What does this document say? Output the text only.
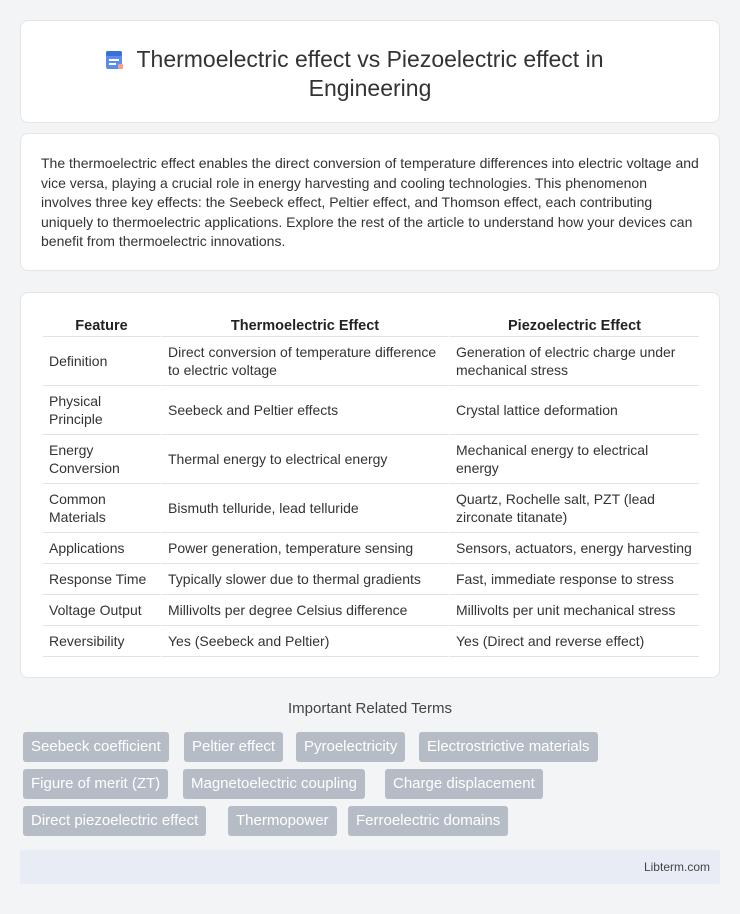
Thermoelectric effect vs Piezoelectric effect in Engineering

The thermoelectric effect enables the direct conversion of temperature differences into electric voltage and vice versa, playing a crucial role in energy harvesting and cooling technologies. This phenomenon involves three key effects: the Seebeck effect, Peltier effect, and Thomson effect, each contributing uniquely to thermoelectric applications. Explore the rest of the article to understand how your devices can benefit from thermoelectric innovations.

Feature	Thermoelectric Effect	Piezoelectric Effect
Definition	Direct conversion of temperature difference to electric voltage	Generation of electric charge under mechanical stress
Physical Principle	Seebeck and Peltier effects	Crystal lattice deformation
Energy Conversion	Thermal energy to electrical energy	Mechanical energy to electrical energy
Common Materials	Bismuth telluride, lead telluride	Quartz, Rochelle salt, PZT (lead zirconate titanate)
Applications	Power generation, temperature sensing	Sensors, actuators, energy harvesting
Response Time	Typically slower due to thermal gradients	Fast, immediate response to stress
Voltage Output	Millivolts per degree Celsius difference	Millivolts per unit mechanical stress
Reversibility	Yes (Seebeck and Peltier)	Yes (Direct and reverse effect)
Important Related Terms
Seebeck coefficient	Peltier effect	Pyroelectricity	Electrostrictive materials
Figure of merit (ZT)	Magnetoelectric coupling	Charge displacement
Direct piezoelectric effect	Thermopower	Ferroelectric domains
Libterm.com
